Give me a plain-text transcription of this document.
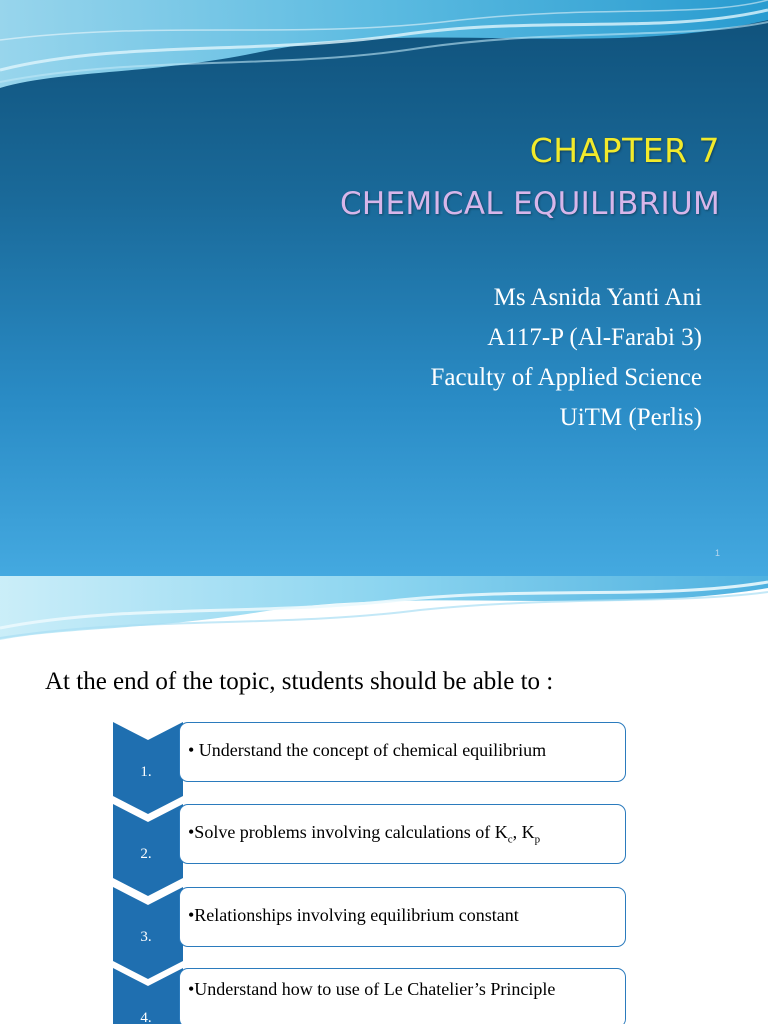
CHAPTER 7
CHEMICAL EQUILIBRIUM
Ms Asnida Yanti Ani
A117-P (Al-Farabi 3)
Faculty of Applied Science
UiTM (Perlis)
1
At the end of the topic, students should be able to :
1.
• Understand the concept of chemical equilibrium
2.
•Solve problems involving calculations of $K_c$, $K_p$
3.
•Relationships involving equilibrium constant
4.
•Understand how to use of Le Chatelier’s Principle
